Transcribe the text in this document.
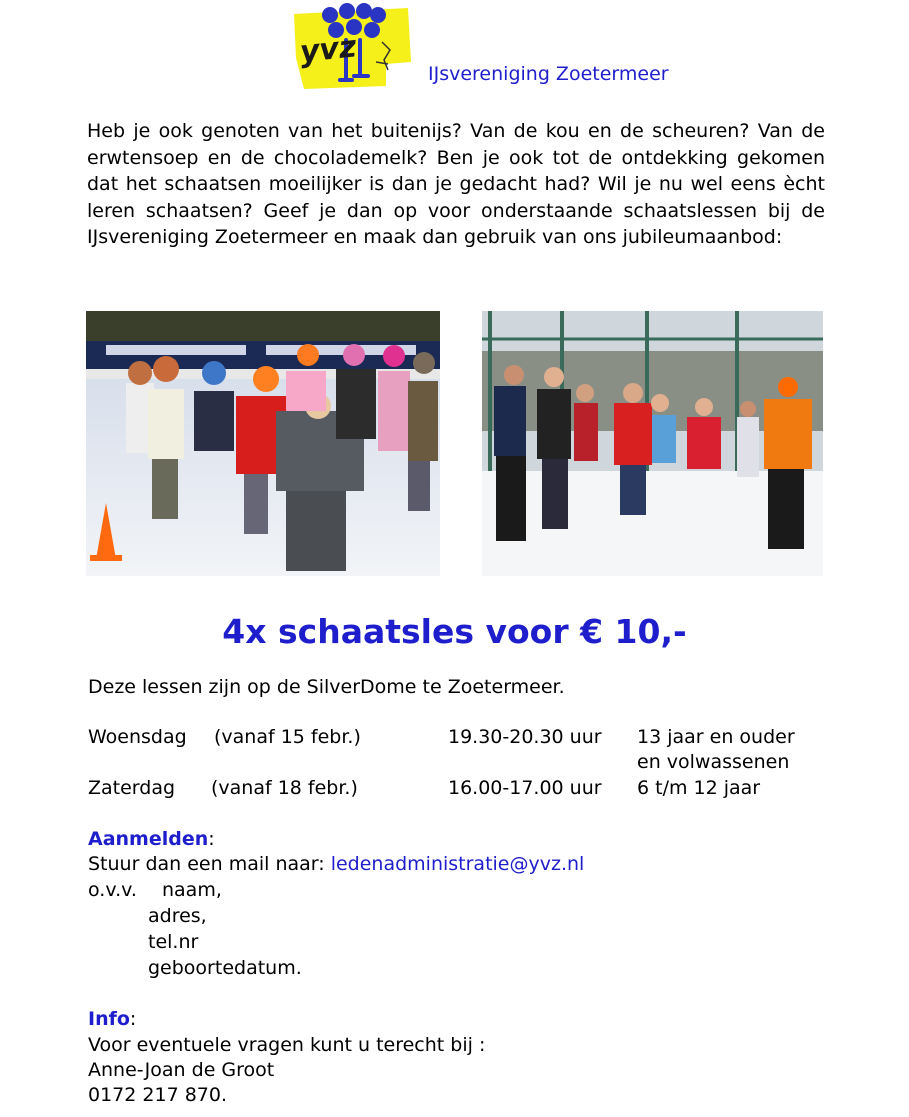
yvz
IJsvereniging Zoetermeer
Heb je ook genoten van het buitenijs? Van de kou en de scheuren? Van de erwtensoep en de chocolademelk? Ben je ook tot de ontdekking gekomen dat het schaatsen moeilijker is dan je gedacht had? Wil je nu wel eens ècht leren schaatsen? Geef je dan op voor onderstaande schaatslessen bij de IJsvereniging Zoetermeer en maak dan gebruik van ons jubileumaanbod:
4x schaatsles voor € 10,-
Deze lessen zijn op de SilverDome te Zoetermeer.
Woensdag (vanaf 15 febr.)	19.30-20.30 uur 13 jaar en ouder
en volwassenen
Zaterdag (vanaf 18 febr.)	16.00-17.00 uur 6 t/m 12 jaar
Aanmelden:
Stuur dan een mail naar: ledenadministratie@yvz.nl
o.v.v. naam,
adres,
tel.nr
geboortedatum.
Info:
Voor eventuele vragen kunt u terecht bij :
Anne-Joan de Groot
0172 217 870.
